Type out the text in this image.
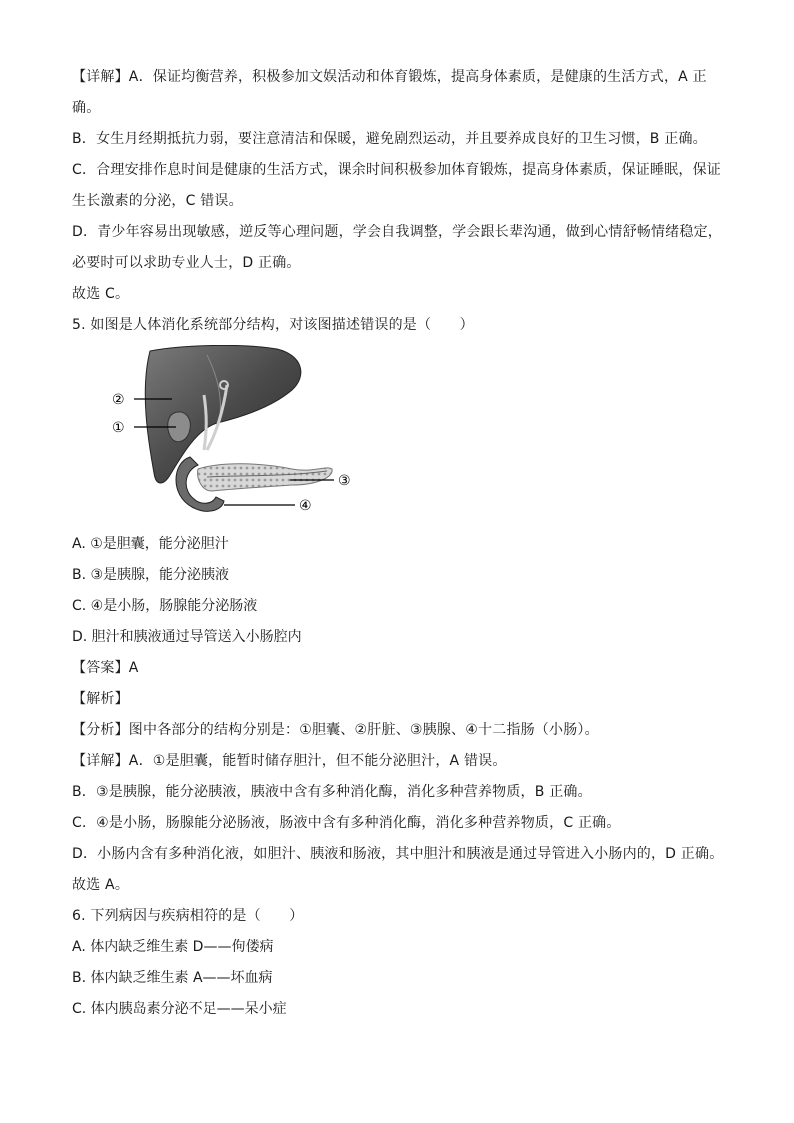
【详解】A．保证均衡营养，积极参加文娱活动和体育锻炼，提高身体素质，是健康的生活方式，A 正
确。
B．女生月经期抵抗力弱，要注意清洁和保暖，避免剧烈运动，并且要养成良好的卫生习惯，B 正确。
C．合理安排作息时间是健康的生活方式，课余时间积极参加体育锻炼，提高身体素质，保证睡眠，保证
生长激素的分泌，C 错误。
D．青少年容易出现敏感，逆反等心理问题，学会自我调整，学会跟长辈沟通，做到心情舒畅情绪稳定，
必要时可以求助专业人士，D 正确。
故选 C。
5. 如图是人体消化系统部分结构，对该图描述错误的是（　　）
②
①
③
④
A. ①是胆囊，能分泌胆汁
B. ③是胰腺，能分泌胰液
C. ④是小肠，肠腺能分泌肠液
D. 胆汁和胰液通过导管送入小肠腔内
【答案】A
【解析】
【分析】图中各部分的结构分别是：①胆囊、②肝脏、③胰腺、④十二指肠（小肠）。
【详解】A．①是胆囊，能暂时储存胆汁，但不能分泌胆汁，A 错误。
B．③是胰腺，能分泌胰液，胰液中含有多种消化酶，消化多种营养物质，B 正确。
C．④是小肠，肠腺能分泌肠液，肠液中含有多种消化酶，消化多种营养物质，C 正确。
D．小肠内含有多种消化液，如胆汁、胰液和肠液，其中胆汁和胰液是通过导管进入小肠内的，D 正确。
故选 A。
6. 下列病因与疾病相符的是（　　）
A. 体内缺乏维生素 D——佝偻病
B. 体内缺乏维生素 A——坏血病
C. 体内胰岛素分泌不足——呆小症
